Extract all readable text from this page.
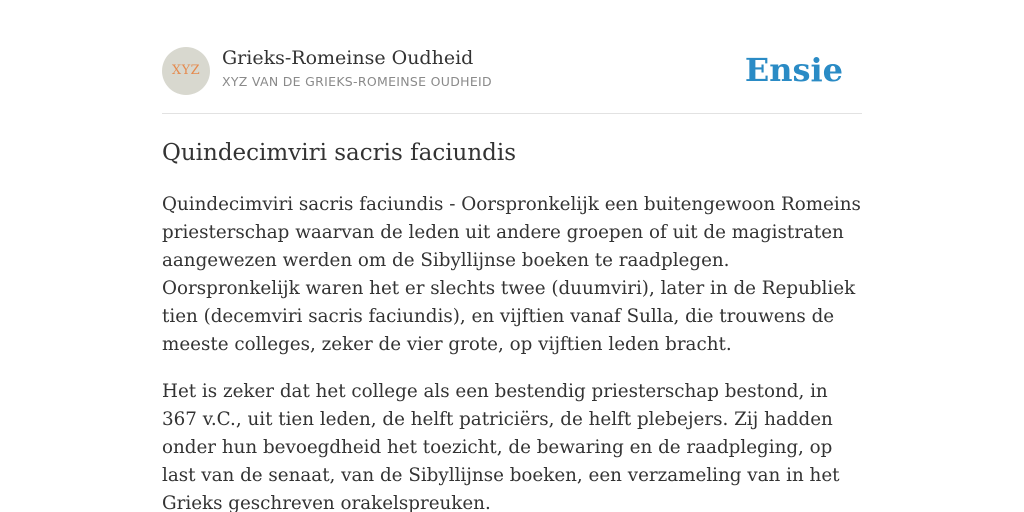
XYZ
Grieks-Romeinse Oudheid
XYZ VAN DE GRIEKS-ROMEINSE OUDHEID	Ensie
Quindecimviri sacris faciundis

Quindecimviri sacris faciundis - Oorspronkelijk een buitengewoon Romeins priesterschap waarvan de leden uit andere groepen of uit de magistraten aangewezen werden om de Sibyllijnse boeken te raadplegen. Oorspronkelijk waren het er slechts twee (duumviri), later in de Republiek tien (decemviri sacris faciundis), en vijftien vanaf Sulla, die trouwens de meeste colleges, zeker de vier grote, op vijftien leden bracht.

Het is zeker dat het college als een bestendig priesterschap bestond, in 367 v.C., uit tien leden, de helft patriciërs, de helft plebejers. Zij hadden onder hun bevoegdheid het toezicht, de bewaring en de raadpleging, op last van de senaat, van de Sibyllijnse boeken, een verzameling van in het Grieks geschreven orakelspreuken.
